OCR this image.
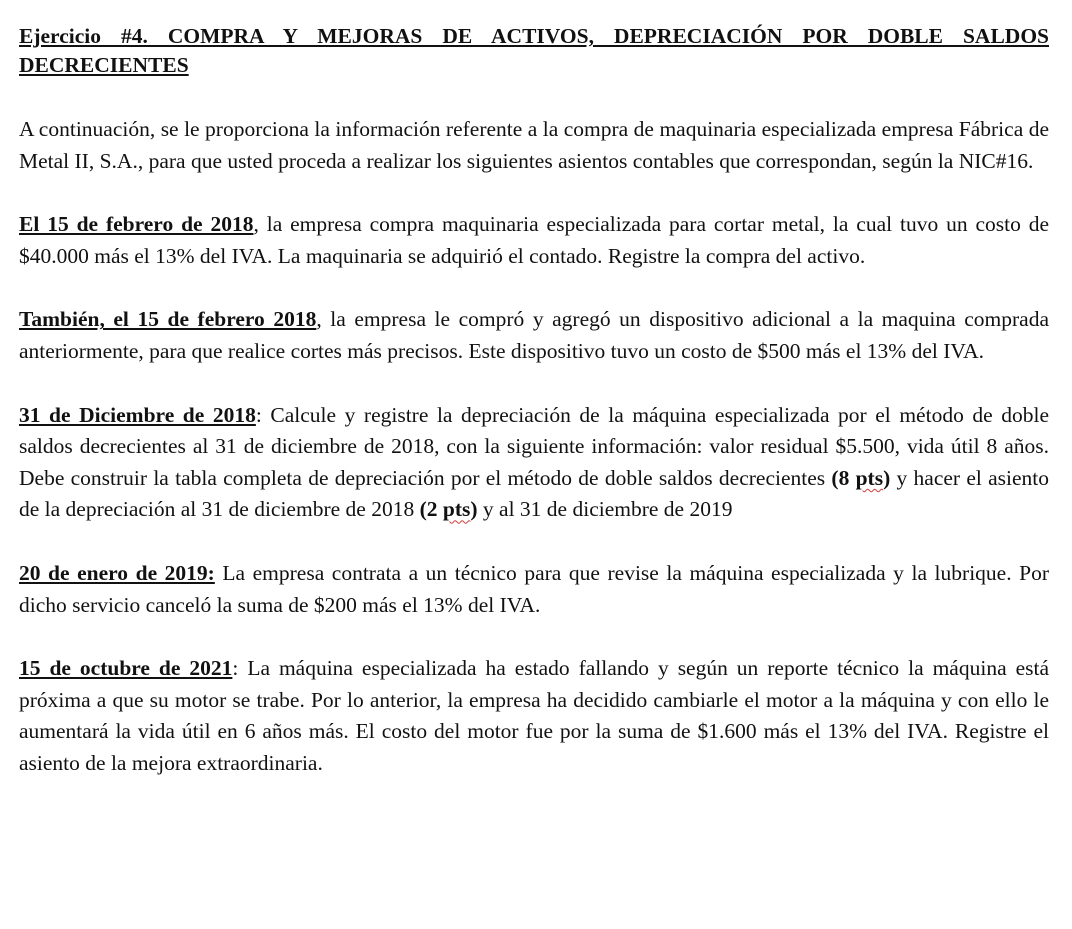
Ejercicio #4. COMPRA Y MEJORAS DE ACTIVOS, DEPRECIACIÓN POR DOBLE SALDOS DECRECIENTES

A continuación, se le proporciona la información referente a la compra de maquinaria especializada empresa Fábrica de Metal II, S.A., para que usted proceda a realizar los siguientes asientos contables que correspondan, según la NIC#16.

El 15 de febrero de 2018, la empresa compra maquinaria especializada para cortar metal, la cual tuvo un costo de $40.000 más el 13% del IVA. La maquinaria se adquirió el contado. Registre la compra del activo.

También, el 15 de febrero 2018, la empresa le compró y agregó un dispositivo adicional a la maquina comprada anteriormente, para que realice cortes más precisos. Este dispositivo tuvo un costo de $500 más el 13% del IVA.

31 de Diciembre de 2018: Calcule y registre la depreciación de la máquina especializada por el método de doble saldos decrecientes al 31 de diciembre de 2018, con la siguiente información: valor residual $5.500, vida útil 8 años. Debe construir la tabla completa de depreciación por el método de doble saldos decrecientes (8 pts) y hacer el asiento de la depreciación al 31 de diciembre de 2018 (2 pts) y al 31 de diciembre de 2019

20 de enero de 2019: La empresa contrata a un técnico para que revise la máquina especializada y la lubrique. Por dicho servicio canceló la suma de $200 más el 13% del IVA.

15 de octubre de 2021: La máquina especializada ha estado fallando y según un reporte técnico la máquina está próxima a que su motor se trabe. Por lo anterior, la empresa ha decidido cambiarle el motor a la máquina y con ello le aumentará la vida útil en 6 años más. El costo del motor fue por la suma de $1.600 más el 13% del IVA. Registre el asiento de la mejora extraordinaria.
